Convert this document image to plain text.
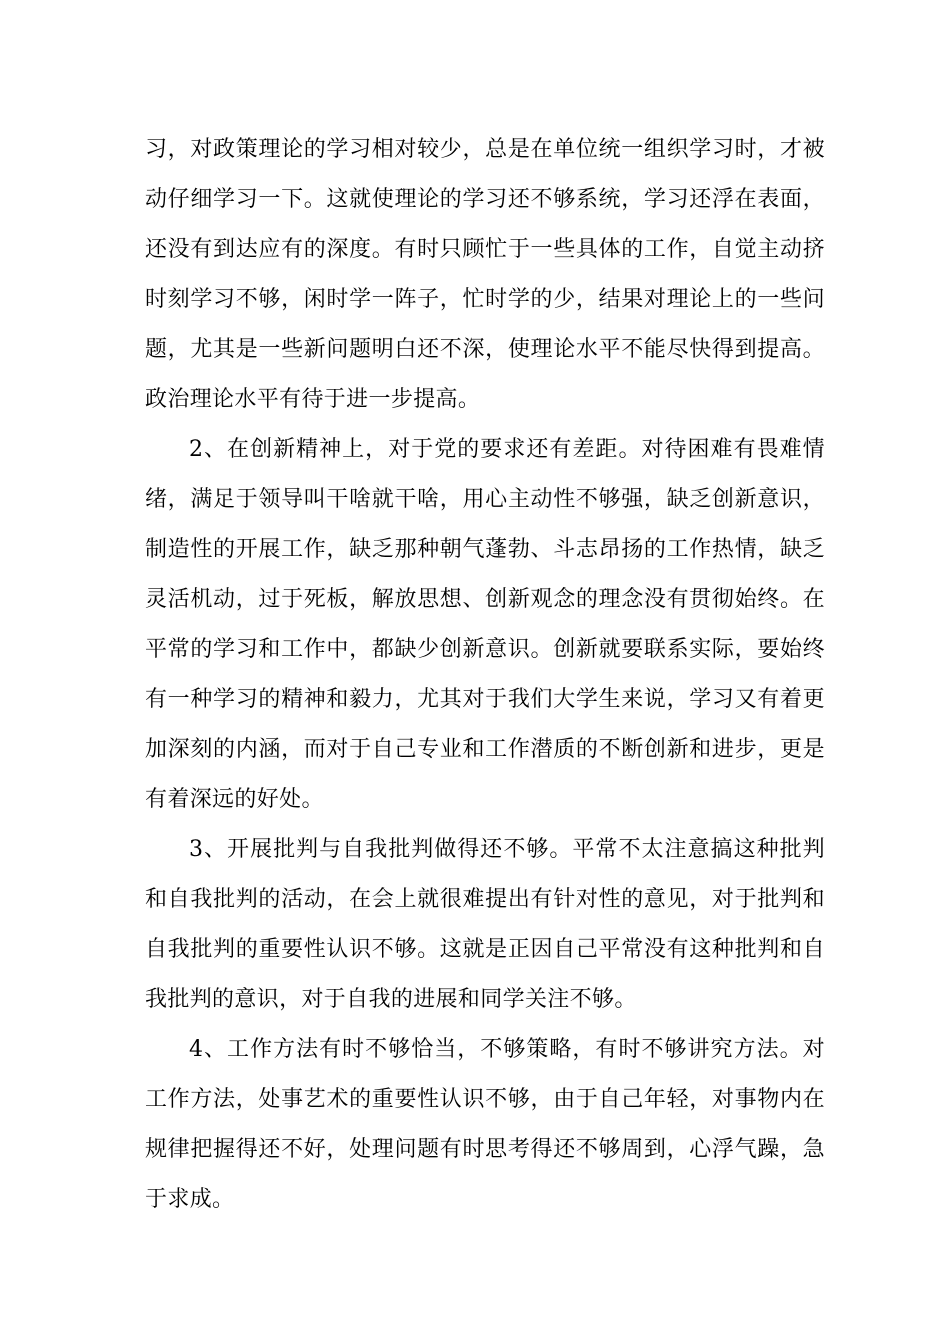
习，对政策理论的学习相对较少，总是在单位统一组织学习时，才被动仔细学习一下。这就使理论的学习还不够系统，学习还浮在表面，还没有到达应有的深度。有时只顾忙于一些具体的工作，自觉主动挤时刻学习不够，闲时学一阵子，忙时学的少，结果对理论上的一些问题，尤其是一些新问题明白还不深，使理论水平不能尽快得到提高。政治理论水平有待于进一步提高。

2、在创新精神上，对于党的要求还有差距。对待困难有畏难情绪，满足于领导叫干啥就干啥，用心主动性不够强，缺乏创新意识，制造性的开展工作，缺乏那种朝气蓬勃、斗志昂扬的工作热情，缺乏灵活机动，过于死板，解放思想、创新观念的理念没有贯彻始终。在平常的学习和工作中，都缺少创新意识。创新就要联系实际，要始终有一种学习的精神和毅力，尤其对于我们大学生来说，学习又有着更加深刻的内涵，而对于自己专业和工作潜质的不断创新和进步，更是有着深远的好处。

3、开展批判与自我批判做得还不够。平常不太注意搞这种批判和自我批判的活动，在会上就很难提出有针对性的意见，对于批判和自我批判的重要性认识不够。这就是正因自己平常没有这种批判和自我批判的意识，对于自我的进展和同学关注不够。

4、工作方法有时不够恰当，不够策略，有时不够讲究方法。对工作方法，处事艺术的重要性认识不够，由于自己年轻，对事物内在规律把握得还不好，处理问题有时思考得还不够周到，心浮气躁，急于求成。
